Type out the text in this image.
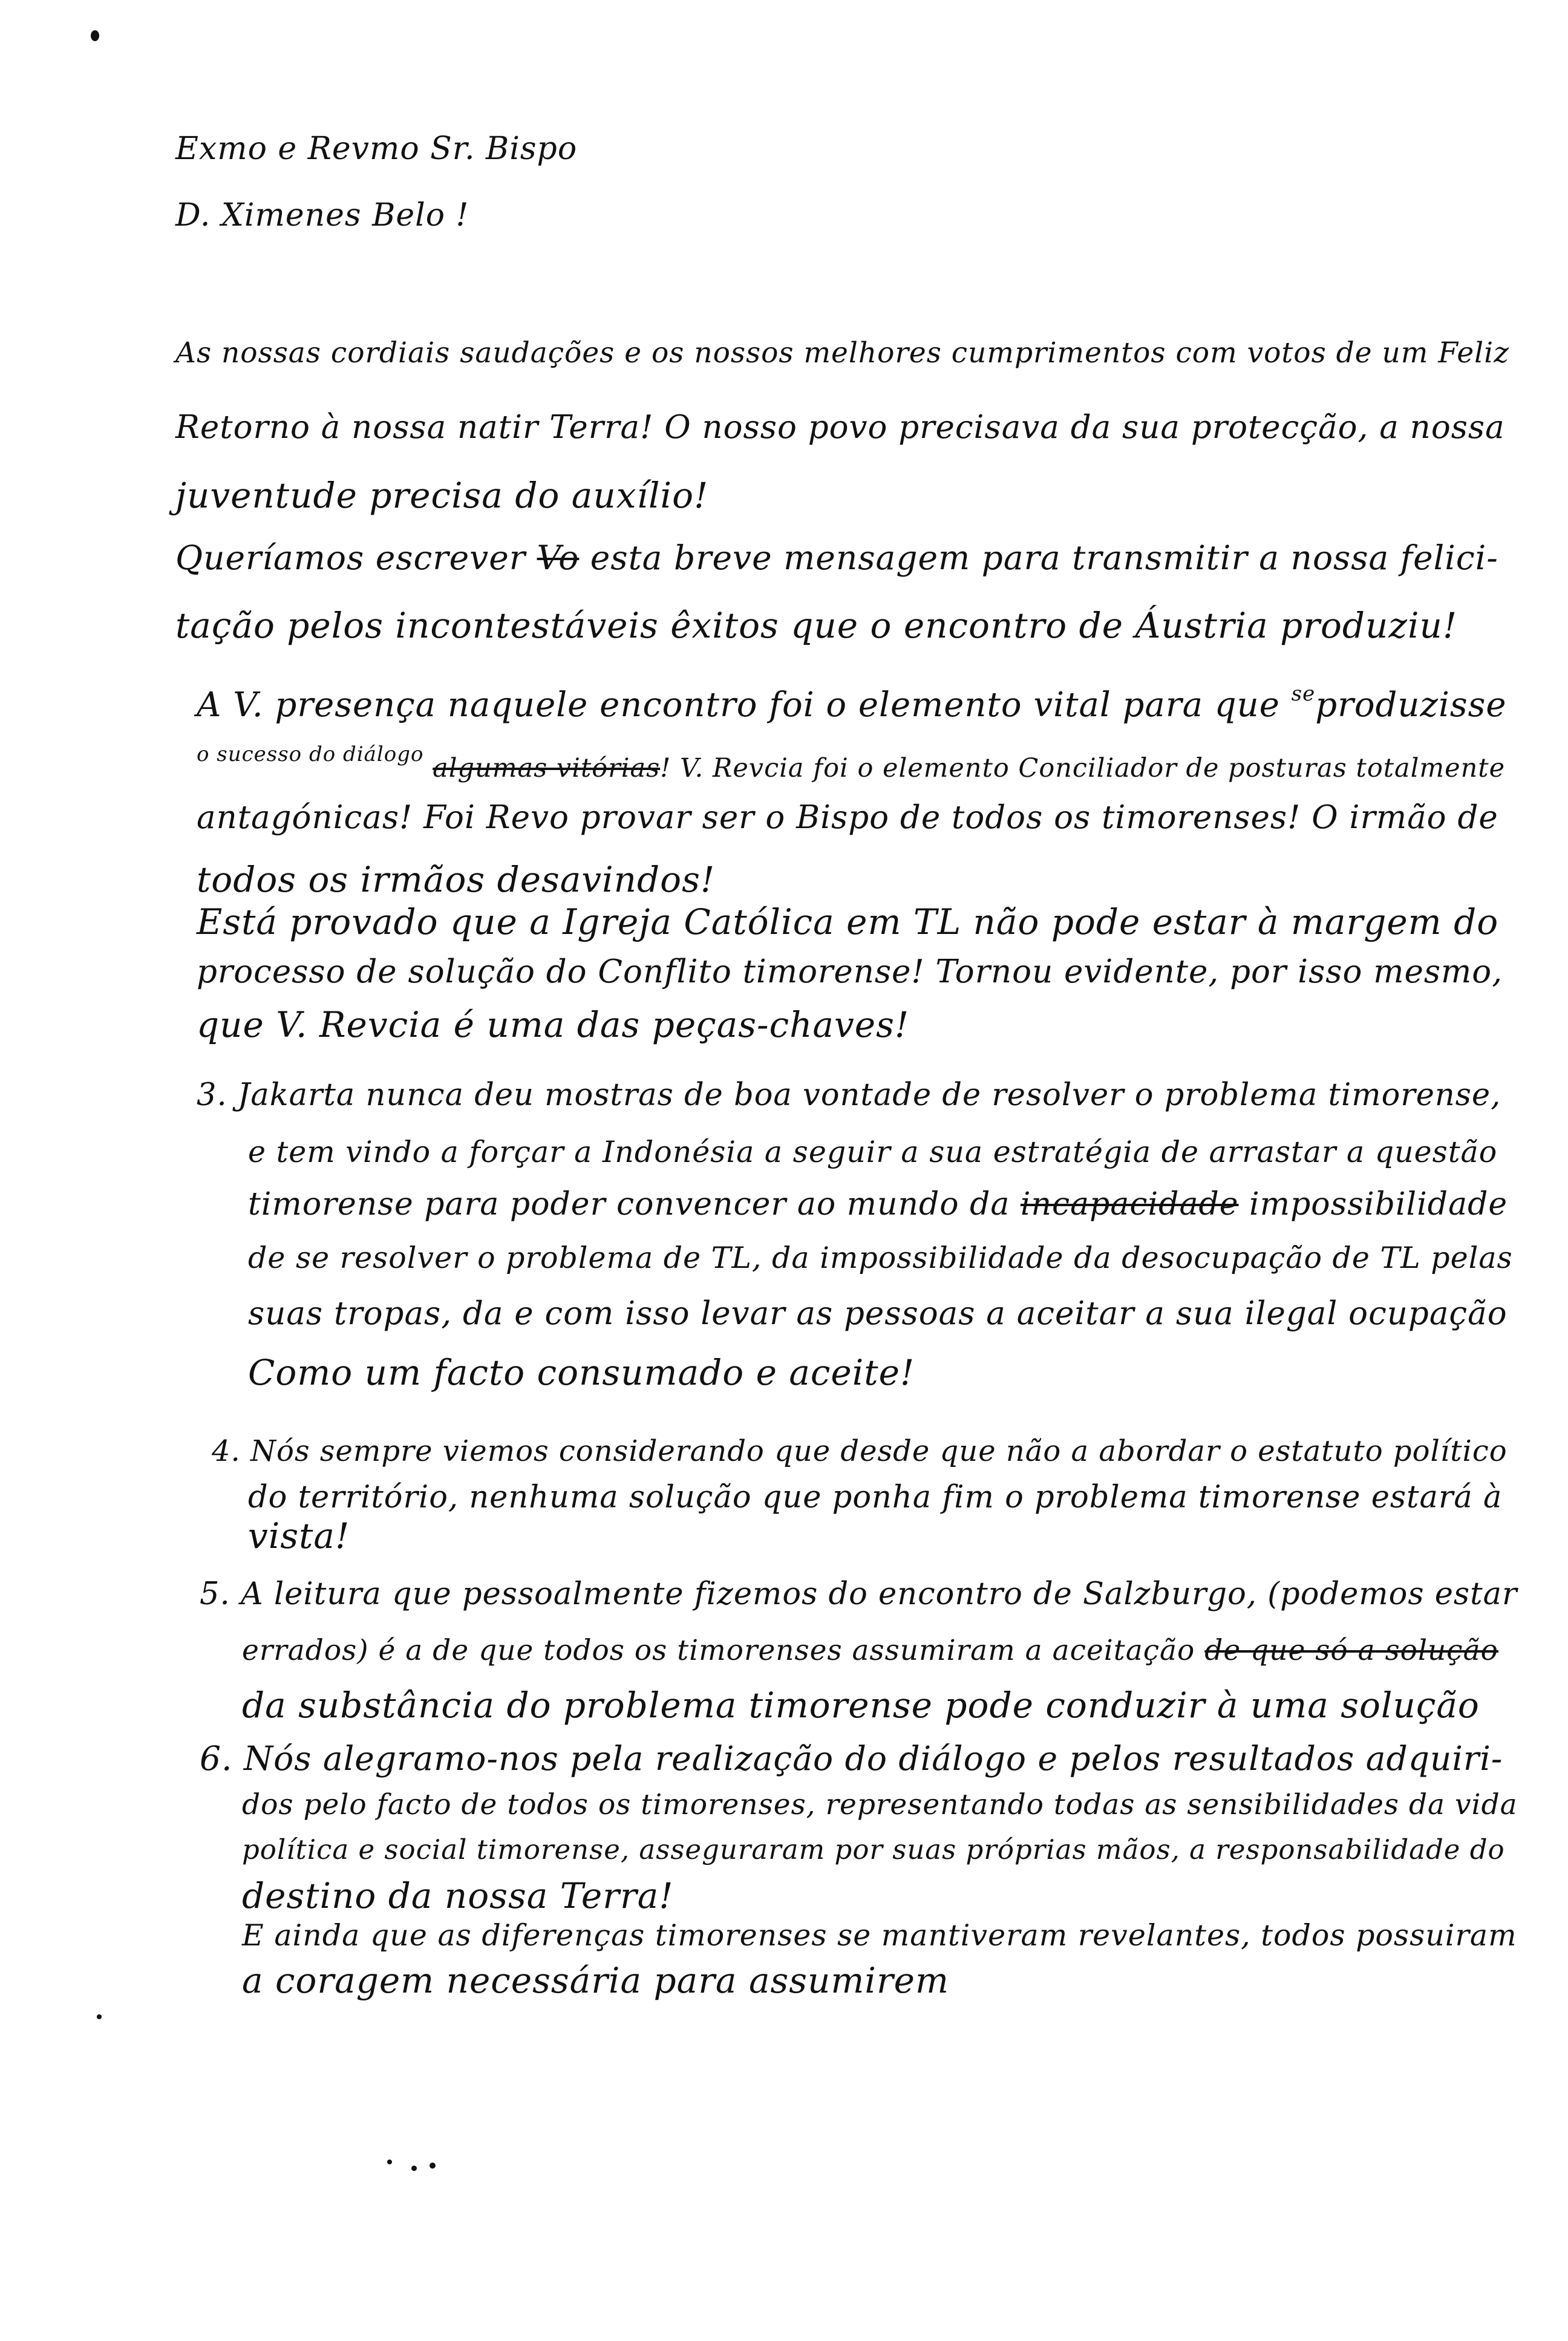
Exmo e Revmo Sr. Bispo
D. Ximenes Belo !
As nossas cordiais saudações e os nossos melhores cumprimentos com votos de um Feliz
Retorno à nossa natir Terra! O nosso povo precisava da sua protecção, a nossa
juventude precisa do auxílio!
Queríamos escrever Vo esta breve mensagem para transmitir a nossa felici-
tação pelos incontestáveis êxitos que o encontro de Áustria produziu!
A V. presença naquele encontro foi o elemento vital para que $^{se}$produzisse
$^{o sucesso do diálogo}$ algumas vitórias! V. Revcia foi o elemento Conciliador de posturas totalmente
antagónicas! Foi Revo provar ser o Bispo de todos os timorenses! O irmão de
todos os irmãos desavindos!
Está provado que a Igreja Católica em TL não pode estar à margem do
processo de solução do Conflito timorense! Tornou evidente, por isso mesmo,
que V. Revcia é uma das peças-chaves!
3. Jakarta nunca deu mostras de boa vontade de resolver o problema timorense,
e tem vindo a forçar a Indonésia a seguir a sua estratégia de arrastar a questão
timorense para poder convencer ao mundo da incapacidade impossibilidade
de se resolver o problema de TL, da impossibilidade da desocupação de TL pelas
suas tropas, da e com isso levar as pessoas a aceitar a sua ilegal ocupação
Como um facto consumado e aceite!
4. Nós sempre viemos considerando que desde que não a abordar o estatuto político
do território, nenhuma solução que ponha fim o problema timorense estará à
vista!
5. A leitura que pessoalmente fizemos do encontro de Salzburgo, (podemos estar
errados) é a de que todos os timorenses assumiram a aceitação de que só a solução
da substância do problema timorense pode conduzir à uma solução
6. Nós alegramo-nos pela realização do diálogo e pelos resultados adquiri-
dos pelo facto de todos os timorenses, representando todas as sensibilidades da vida
política e social timorense, asseguraram por suas próprias mãos, a responsabilidade do
destino da nossa Terra!
E ainda que as diferenças timorenses se mantiveram revelantes, todos possuiram
a coragem necessária para assumirem
